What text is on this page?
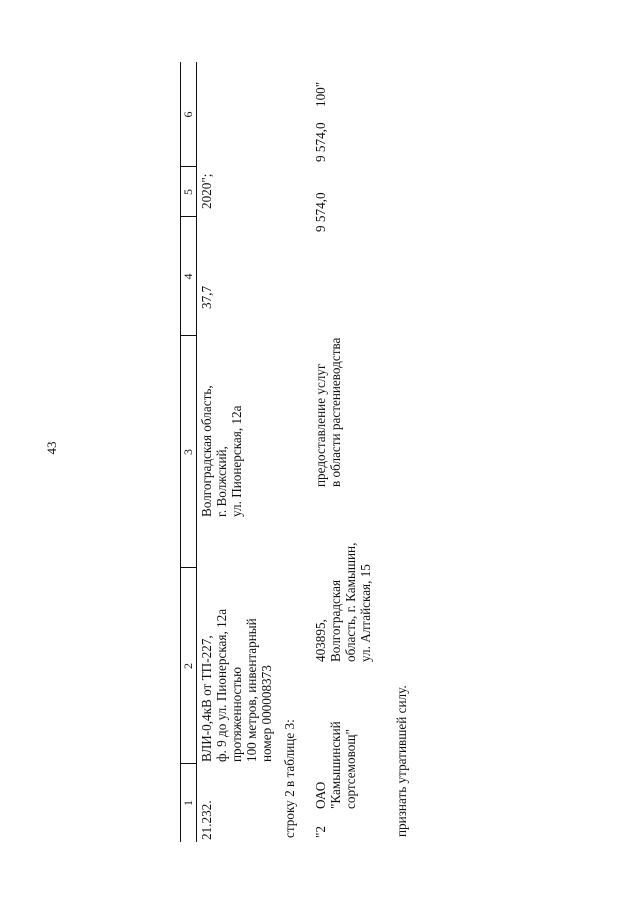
43
1
2
3
4
5
6
21.232.
ВЛИ-0,4кВ от ТП-227, ф. 9 до ул. Пионерская, 12а протяженностью 100 метров, инвентарный номер 000008373
Волгоградская область, г. Волжский, ул. Пионерская, 12а
37,7
2020";
строку 2 в таблице 3: "2
ОАО "Камышинский сортсемовощ"
403895, Волгоградская область, г. Камышин, ул. Алтайская, 15
предоставление услуг в области растениеводства
9 574,0
9 574,0
100"
признать утратившей силу.
